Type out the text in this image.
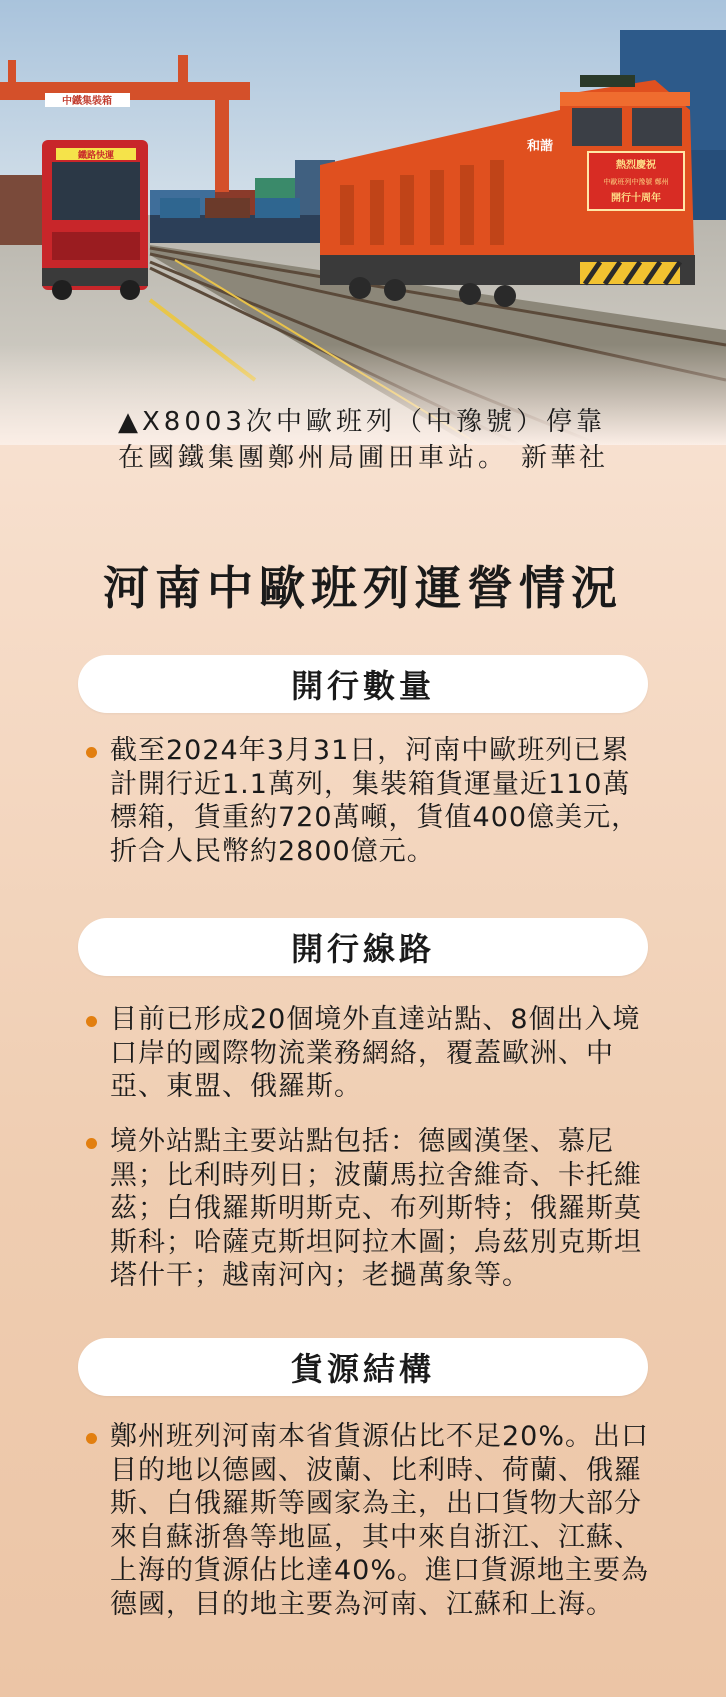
中鐵集裝箱
熱烈慶祝
中歐班列中豫號 鄭州
開行十周年
和諧
鐵路快運
▲X8003次中歐班列（中豫號）停靠在國鐵集團鄭州局圃田車站。 新華社
河南中歐班列運營情況
開行數量
截至2024年3月31日，河南中歐班列已累計開行近1.1萬列，集裝箱貨運量近110萬標箱，貨重約720萬噸，貨值400億美元，折合人民幣約2800億元。
開行線路
目前已形成20個境外直達站點、8個出入境口岸的國際物流業務網絡，覆蓋歐洲、中亞、東盟、俄羅斯。
境外站點主要站點包括：德國漢堡、慕尼黑；比利時列日；波蘭馬拉舍維奇、卡托維茲；白俄羅斯明斯克、布列斯特；俄羅斯莫斯科；哈薩克斯坦阿拉木圖；烏茲別克斯坦塔什干；越南河內；老撾萬象等。
貨源結構
鄭州班列河南本省貨源佔比不足20%。出口目的地以德國、波蘭、比利時、荷蘭、俄羅斯、白俄羅斯等國家為主，出口貨物大部分來自蘇浙魯等地區，其中來自浙江、江蘇、上海的貨源佔比達40%。進口貨源地主要為德國，目的地主要為河南、江蘇和上海。
